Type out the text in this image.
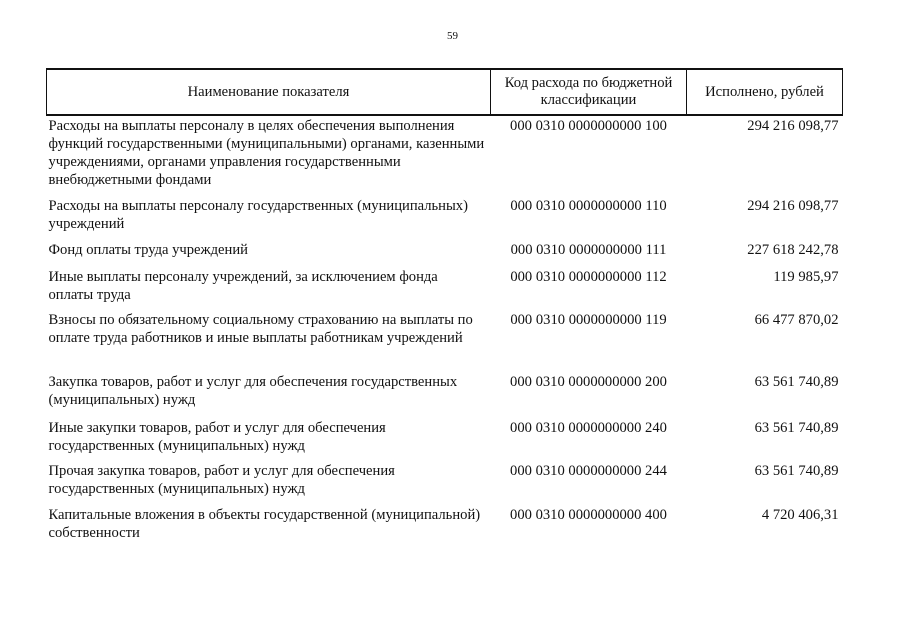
59
Наименование показателя	Код расхода по бюджетной классификации	Исполнено, рублей
Расходы на выплаты персоналу в целях обеспечения выполнения функций государственными (муниципальными) органами, казенными учреждениями, органами управления государственными внебюджетными фондами	000 0310 0000000000 100	294 216 098,77
Расходы на выплаты персоналу государственных (муниципальных) учреждений	000 0310 0000000000 110	294 216 098,77
Фонд оплаты труда учреждений	000 0310 0000000000 111	227 618 242,78
Иные выплаты персоналу учреждений, за исключением фонда оплаты труда	000 0310 0000000000 112	119 985,97
Взносы по обязательному социальному страхованию на выплаты по оплате труда работников и иные выплаты работникам учреждений	000 0310 0000000000 119	66 477 870,02
Закупка товаров, работ и услуг для обеспечения государственных (муниципальных) нужд	000 0310 0000000000 200	63 561 740,89
Иные закупки товаров, работ и услуг для обеспечения государственных (муниципальных) нужд	000 0310 0000000000 240	63 561 740,89
Прочая закупка товаров, работ и услуг для обеспечения государственных (муниципальных) нужд	000 0310 0000000000 244	63 561 740,89
Капитальные вложения в объекты государственной (муниципальной) собственности	000 0310 0000000000 400	4 720 406,31
